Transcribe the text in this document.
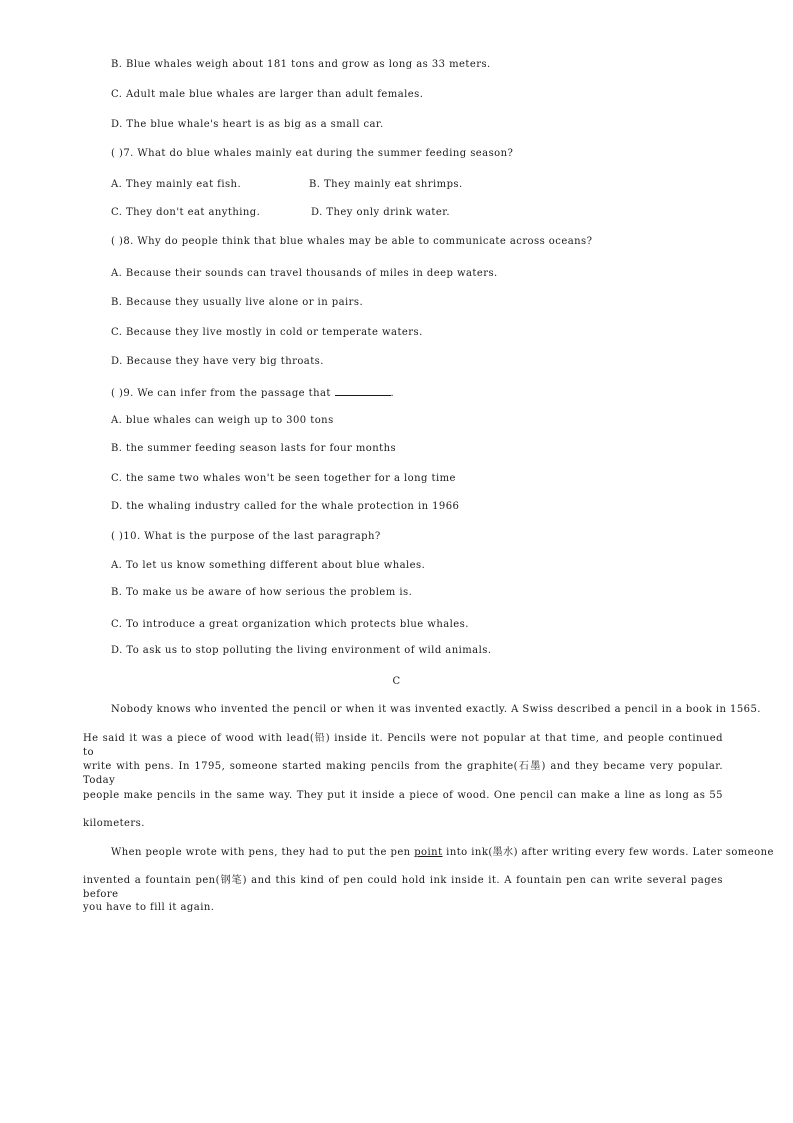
B. Blue whales weigh about 181 tons and grow as long as 33 meters.
C. Adult male blue whales are larger than adult females.
D. The blue whale's heart is as big as a small car.
( )7. What do blue whales mainly eat during the summer feeding season?
A. They mainly eat fish.	B. They mainly eat shrimps.
C. They don't eat anything.	D. They only drink water.
( )8. Why do people think that blue whales may be able to communicate across oceans?
A. Because their sounds can travel thousands of miles in deep waters.
B. Because they usually live alone or in pairs.
C. Because they live mostly in cold or temperate waters.
D. Because they have very big throats.
( )9. We can infer from the passage that	.
A. blue whales can weigh up to 300 tons
B. the summer feeding season lasts for four months
C. the same two whales won't be seen together for a long time
D. the whaling industry called for the whale protection in 1966
( )10. What is the purpose of the last paragraph?
A. To let us know something different about blue whales.
B. To make us be aware of how serious the problem is.
C. To introduce a great organization which protects blue whales.
D. To ask us to stop polluting the living environment of wild animals.
C
Nobody knows who invented the pencil or when it was invented exactly. A Swiss described a pencil in a book in 1565.
He said it was a piece of wood with lead(铅) inside it. Pencils were not popular at that time, and people continued to
write with pens. In 1795, someone started making pencils from the graphite(石墨) and they became very popular. Today
people make pencils in the same way. They put it inside a piece of wood. One pencil can make a line as long as 55
kilometers.
When people wrote with pens, they had to put the pen point into ink(墨水) after writing every few words. Later someone
invented a fountain pen(钢笔) and this kind of pen could hold ink inside it. A fountain pen can write several pages before
you have to fill it again.
